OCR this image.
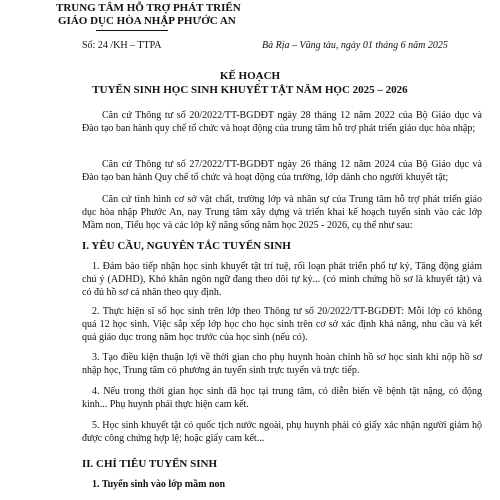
TRUNG TÂM HỖ TRỢ PHÁT TRIỂN
GIÁO DỤC HÒA NHẬP PHƯỚC AN
Số: 24 /KH – TTPA	Bà Rịa – Vũng tàu, ngày 01 tháng 6 năm 2025
KẾ HOẠCH
TUYỂN SINH HỌC SINH KHUYẾT TẬT NĂM HỌC 2025 – 2026
Căn cứ Thông tư số 20/2022/TT-BGDĐT ngày 28 tháng 12 năm 2022 của Bộ Giáo dục và Đào tạo ban hành quy chế tổ chức và hoạt động của trung tâm hỗ trợ phát triển giáo dục hòa nhập;
Căn cứ Thông tư số 27/2022/TT-BGDĐT ngày 26 tháng 12 năm 2024 của Bộ Giáo dục và Đào tạo ban hành Quy chế tổ chức và hoạt động của trường, lớp dành cho người khuyết tật;
Căn cứ tình hình cơ sở vật chất, trường lớp và nhân sự của Trung tâm hỗ trợ phát triển giáo dục hòa nhập Phước An, nay Trung tâm xây dựng và triển khai kế hoạch tuyển sinh vào các lớp Mầm non, Tiểu học và các lớp kỹ năng sống năm học 2025 - 2026, cụ thể như sau:
I. YÊU CẦU, NGUYÊN TẮC TUYỂN SINH
1. Đảm bảo tiếp nhận học sinh khuyết tật trí tuệ, rối loạn phát triển phổ tự kỷ, Tăng động giảm chú ý (ADHD), Khó khăn ngôn ngữ đang theo dõi tự kỷ... (có minh chứng hồ sơ là khuyết tật) và có đủ hồ sơ cá nhân theo quy định.
2. Thực hiện sĩ số học sinh trên lớp theo Thông tư số 20/2022/TT-BGDĐT: Mỗi lớp có không quá 12 học sinh. Việc sắp xếp lớp học cho học sinh trên cơ sở xác định khả năng, nhu cầu và kết quả giáo dục trong năm học trước của học sinh (nếu có).
3. Tạo điều kiện thuận lợi về thời gian cho phụ huynh hoàn chỉnh hồ sơ học sinh khi nộp hồ sơ nhập học, Trung tâm có phương án tuyển sinh trực tuyến và trực tiếp.
4. Nếu trong thời gian học sinh đã học tại trung tâm, có diễn biến về bệnh tật nặng, có động kinh... Phụ huynh phải thực hiện cam kết.
5. Học sinh khuyết tật có quốc tịch nước ngoài, phụ huynh phải có giấy xác nhận người giám hộ được công chứng hợp lệ; hoặc giấy cam kết...
II. CHỈ TIÊU TUYỂN SINH
1. Tuyển sinh vào lớp mầm non
